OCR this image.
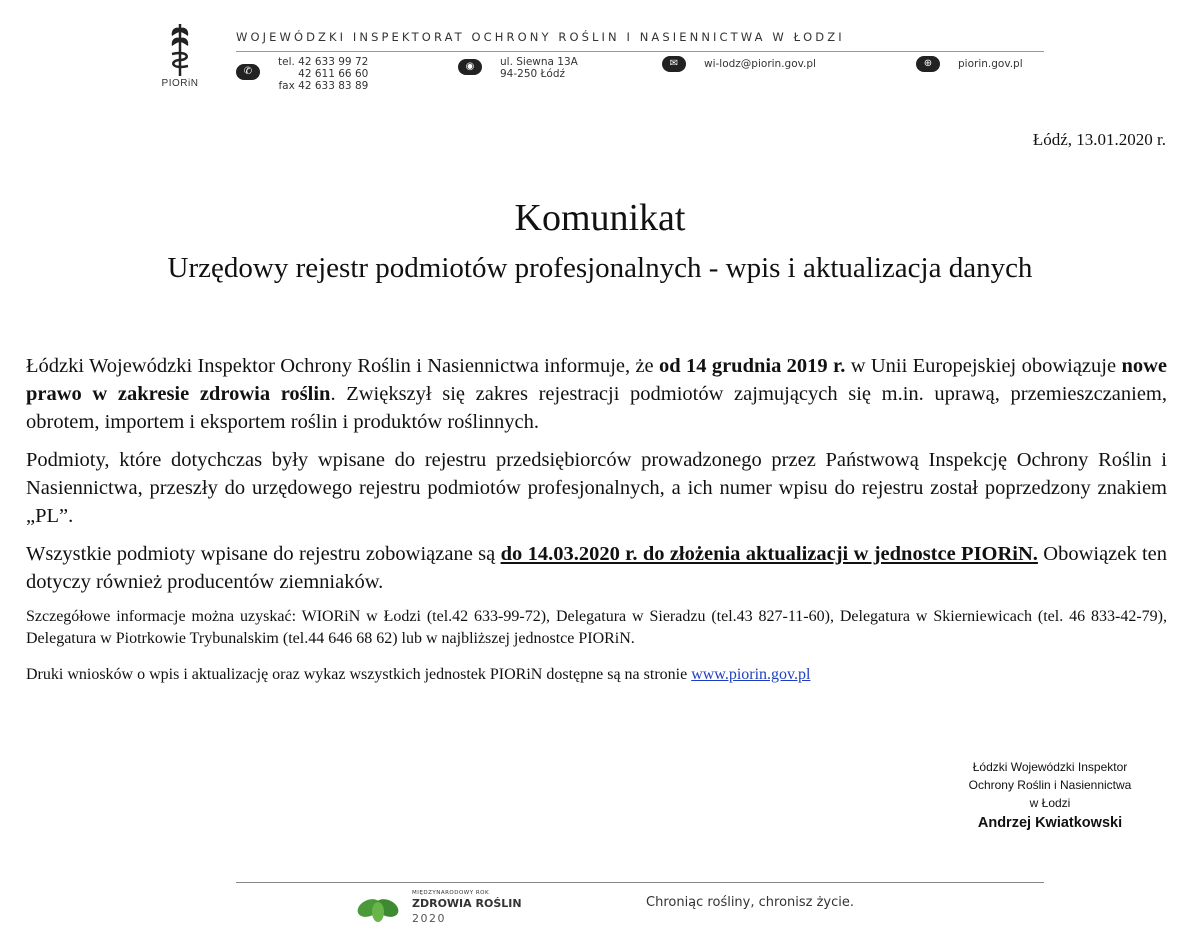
PIORiN
WOJEWÓDZKI INSPEKTORAT OCHRONY ROŚLIN I NASIENNICTWA W ŁODZI
✆
tel. 42 633 99 72
42 611 66 60
fax 42 633 83 89
◉	ul. Siewna 13A
94-250 Łódź
✉	wi-lodz@piorin.gov.pl	⊕	piorin.gov.pl
Łódź, 13.01.2020 r.
Komunikat
Urzędowy rejestr podmiotów profesjonalnych - wpis i aktualizacja danych

Łódzki Wojewódzki Inspektor Ochrony Roślin i Nasiennictwa informuje, że od 14 grudnia 2019 r. w Unii Europejskiej obowiązuje nowe prawo w zakresie zdrowia roślin. Zwiększył się zakres rejestracji podmiotów zajmujących się m.in. uprawą, przemieszczaniem, obrotem, importem i eksportem roślin i produktów roślinnych.

Podmioty, które dotychczas były wpisane do rejestru przedsiębiorców prowadzonego przez Państwową Inspekcję Ochrony Roślin i Nasiennictwa, przeszły do urzędowego rejestru podmiotów profesjonalnych, a ich numer wpisu do rejestru został poprzedzony znakiem „PL”.

Wszystkie podmioty wpisane do rejestru zobowiązane są do 14.03.2020 r. do złożenia aktualizacji w jednostce PIORiN. Obowiązek ten dotyczy również producentów ziemniaków.

Szczegółowe informacje można uzyskać: WIORiN w Łodzi (tel.42 633-99-72), Delegatura w Sieradzu (tel.43 827-11-60), Delegatura w Skierniewicach (tel. 46 833-42-79), Delegatura w Piotrkowie Trybunalskim (tel.44 646 68 62) lub w najbliższej jednostce PIORiN.

Druki wniosków o wpis i aktualizację oraz wykaz wszystkich jednostek PIORiN dostępne są na stronie www.piorin.gov.pl

Łódzki Wojewódzki Inspektor
Ochrony Roślin i Nasiennictwa
w Łodzi
Andrzej Kwiatkowski
MIĘDZYNARODOWY ROK
ZDROWIA ROŚLIN
2020
Chroniąc rośliny, chronisz życie.
